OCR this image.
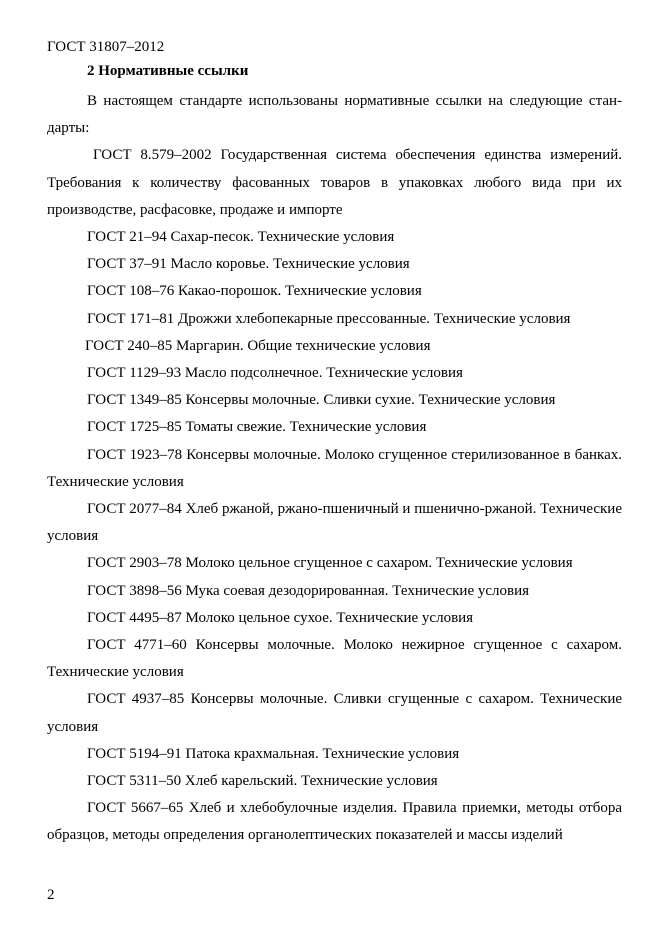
ГОСТ 31807–2012
2 Нормативные ссылки

В настоящем стандарте использованы нормативные ссылки на следующие стан-дарты:

ГОСТ 8.579–2002 Государственная система обеспечения единства измерений. Требования к количеству фасованных товаров в упаковках любого вида при их производстве, расфасовке, продаже и импорте

ГОСТ 21–94 Сахар-песок. Технические условия

ГОСТ 37–91 Масло коровье. Технические условия

ГОСТ 108–76 Какао-порошок. Технические условия

ГОСТ 171–81 Дрожжи хлебопекарные прессованные. Технические условия

ГОСТ 240–85 Маргарин. Общие технические условия

ГОСТ 1129–93 Масло подсолнечное. Технические условия

ГОСТ 1349–85 Консервы молочные. Сливки сухие. Технические условия

ГОСТ 1725–85 Томаты свежие. Технические условия

ГОСТ 1923–78 Консервы молочные. Молоко сгущенное стерилизованное в банках. Технические условия

ГОСТ 2077–84 Хлеб ржаной, ржано-пшеничный и пшенично-ржаной. Технические условия

ГОСТ 2903–78 Молоко цельное сгущенное с сахаром. Технические условия

ГОСТ 3898–56 Мука соевая дезодорированная. Технические условия

ГОСТ 4495–87 Молоко цельное сухое. Технические условия

ГОСТ 4771–60 Консервы молочные. Молоко нежирное сгущенное с сахаром. Технические условия

ГОСТ 4937–85 Консервы молочные. Сливки сгущенные с сахаром. Технические условия

ГОСТ 5194–91 Патока крахмальная. Технические условия

ГОСТ 5311–50 Хлеб карельский. Технические условия

ГОСТ 5667–65 Хлеб и хлебобулочные изделия. Правила приемки, методы отбора образцов, методы определения органолептических показателей и массы изделий

2
